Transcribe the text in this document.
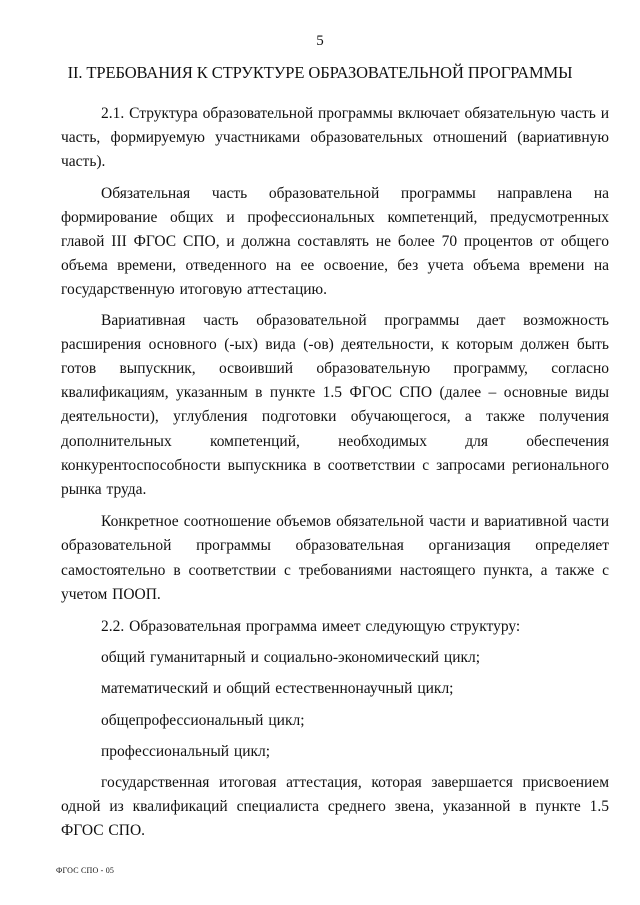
5
II. ТРЕБОВАНИЯ К СТРУКТУРЕ ОБРАЗОВАТЕЛЬНОЙ ПРОГРАММЫ

2.1. Структура образовательной программы включает обязательную часть и часть, формируемую участниками образовательных отношений (вариативную часть).

Обязательная часть образовательной программы направлена на формирование общих и профессиональных компетенций, предусмотренных главой III ФГОС СПО, и должна составлять не более 70 процентов от общего объема времени, отведенного на ее освоение, без учета объема времени на государственную итоговую аттестацию.

Вариативная часть образовательной программы дает возможность расширения основного (-ых) вида (-ов) деятельности, к которым должен быть готов выпускник, освоивший образовательную программу, согласно квалификациям, указанным в пункте 1.5 ФГОС СПО (далее – основные виды деятельности), углубления подготовки обучающегося, а также получения дополнительных компетенций, необходимых для обеспечения конкурентоспособности выпускника в соответствии с запросами регионального рынка труда.

Конкретное соотношение объемов обязательной части и вариативной части образовательной программы образовательная организация определяет самостоятельно в соответствии с требованиями настоящего пункта, а также с учетом ПООП.

2.2. Образовательная программа имеет следующую структуру:

общий гуманитарный и социально-экономический цикл;

математический и общий естественнонаучный цикл;

общепрофессиональный цикл;

профессиональный цикл;

государственная итоговая аттестация, которая завершается присвоением одной из квалификаций специалиста среднего звена, указанной в пункте 1.5 ФГОС СПО.

ФГОС СПО - 05
